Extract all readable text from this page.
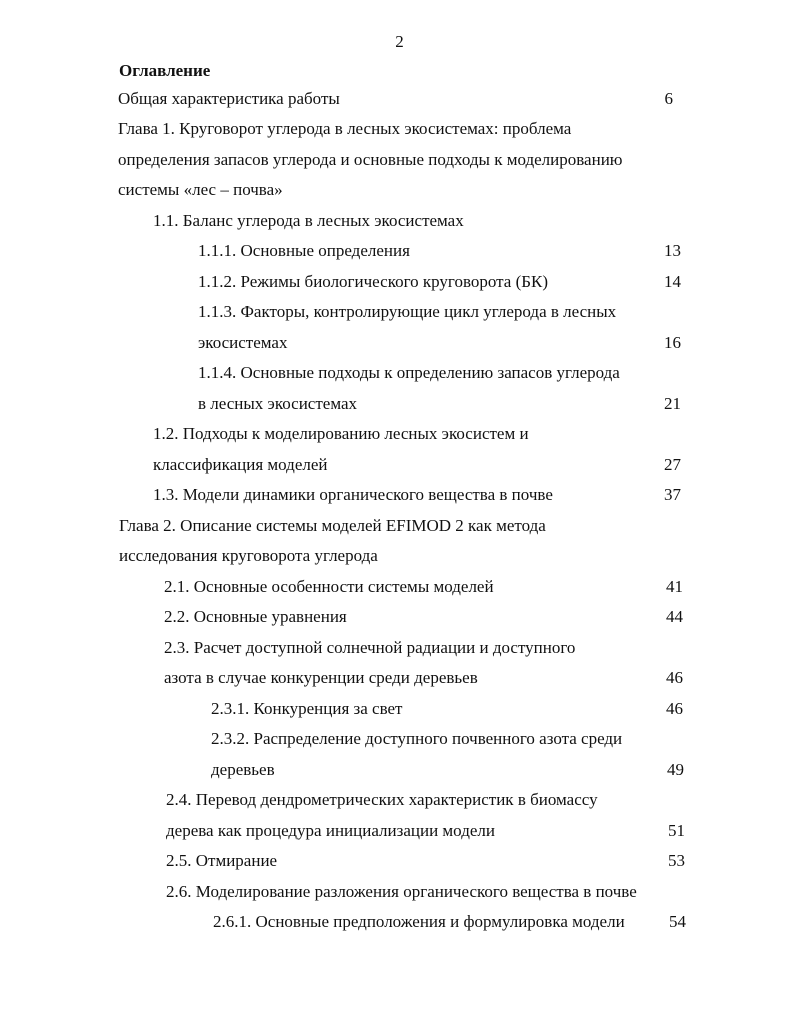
2
Оглавление
Общая характеристика работы	6
Глава 1. Круговорот углерода в лесных экосистемах: проблема
определения запасов углерода и основные подходы к моделированию
системы «лес – почва»
1.1. Баланс углерода в лесных экосистемах
1.1.1. Основные определения	13
1.1.2. Режимы биологического круговорота (БК)	14
1.1.3. Факторы, контролирующие цикл углерода в лесных
экосистемах	16
1.1.4. Основные подходы к определению запасов углерода
в лесных экосистемах	21
1.2. Подходы к моделированию лесных экосистем и
классификация моделей	27
1.3. Модели динамики органического вещества в почве	37
Глава 2. Описание системы моделей EFIMOD 2 как метода
исследования круговорота углерода
2.1. Основные особенности системы моделей	41
2.2. Основные уравнения	44
2.3. Расчет доступной солнечной радиации и доступного
азота в случае конкуренции среди деревьев	46
2.3.1. Конкуренция за свет	46
2.3.2. Распределение доступного почвенного азота среди
деревьев	49
2.4. Перевод дендрометрических характеристик в биомассу
дерева как процедура инициализации модели	51
2.5. Отмирание	53
2.6. Моделирование разложения органического вещества в почве
2.6.1. Основные предположения и формулировка модели	54
